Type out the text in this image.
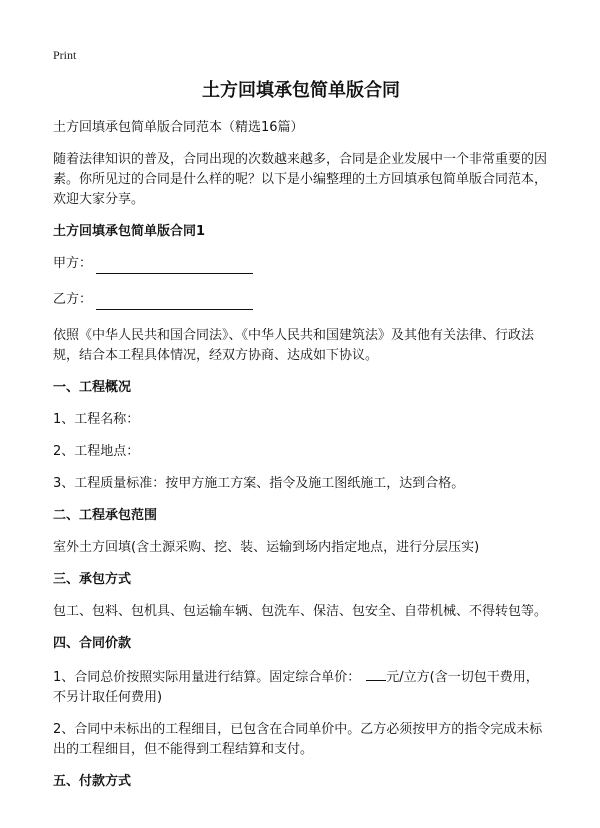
Print
土方回填承包简单版合同
土方回填承包简单版合同范本（精选16篇）
随着法律知识的普及，合同出现的次数越来越多，合同是企业发展中一个非常重要的因素。你所见过的合同是什么样的呢？以下是小编整理的土方回填承包简单版合同范本，欢迎大家分享。
土方回填承包简单版合同1
甲方：
乙方：
依照《中华人民共和国合同法》、《中华人民共和国建筑法》及其他有关法律、行政法规，结合本工程具体情况，经双方协商、达成如下协议。
一、工程概况
1、工程名称：
2、工程地点：
3、工程质量标准：按甲方施工方案、指令及施工图纸施工，达到合格。
二、工程承包范围
室外土方回填(含土源采购、挖、装、运输到场内指定地点，进行分层压实)
三、承包方式
包工、包料、包机具、包运输车辆、包洗车、保洁、包安全、自带机械、不得转包等。
四、合同价款
1、合同总价按照实际用量进行结算。固定综合单价： 元/立方(含一切包干费用，不另计取任何费用)
2、合同中未标出的工程细目，已包含在合同单价中。乙方必须按甲方的指令完成未标出的工程细目，但不能得到工程结算和支付。
五、付款方式
